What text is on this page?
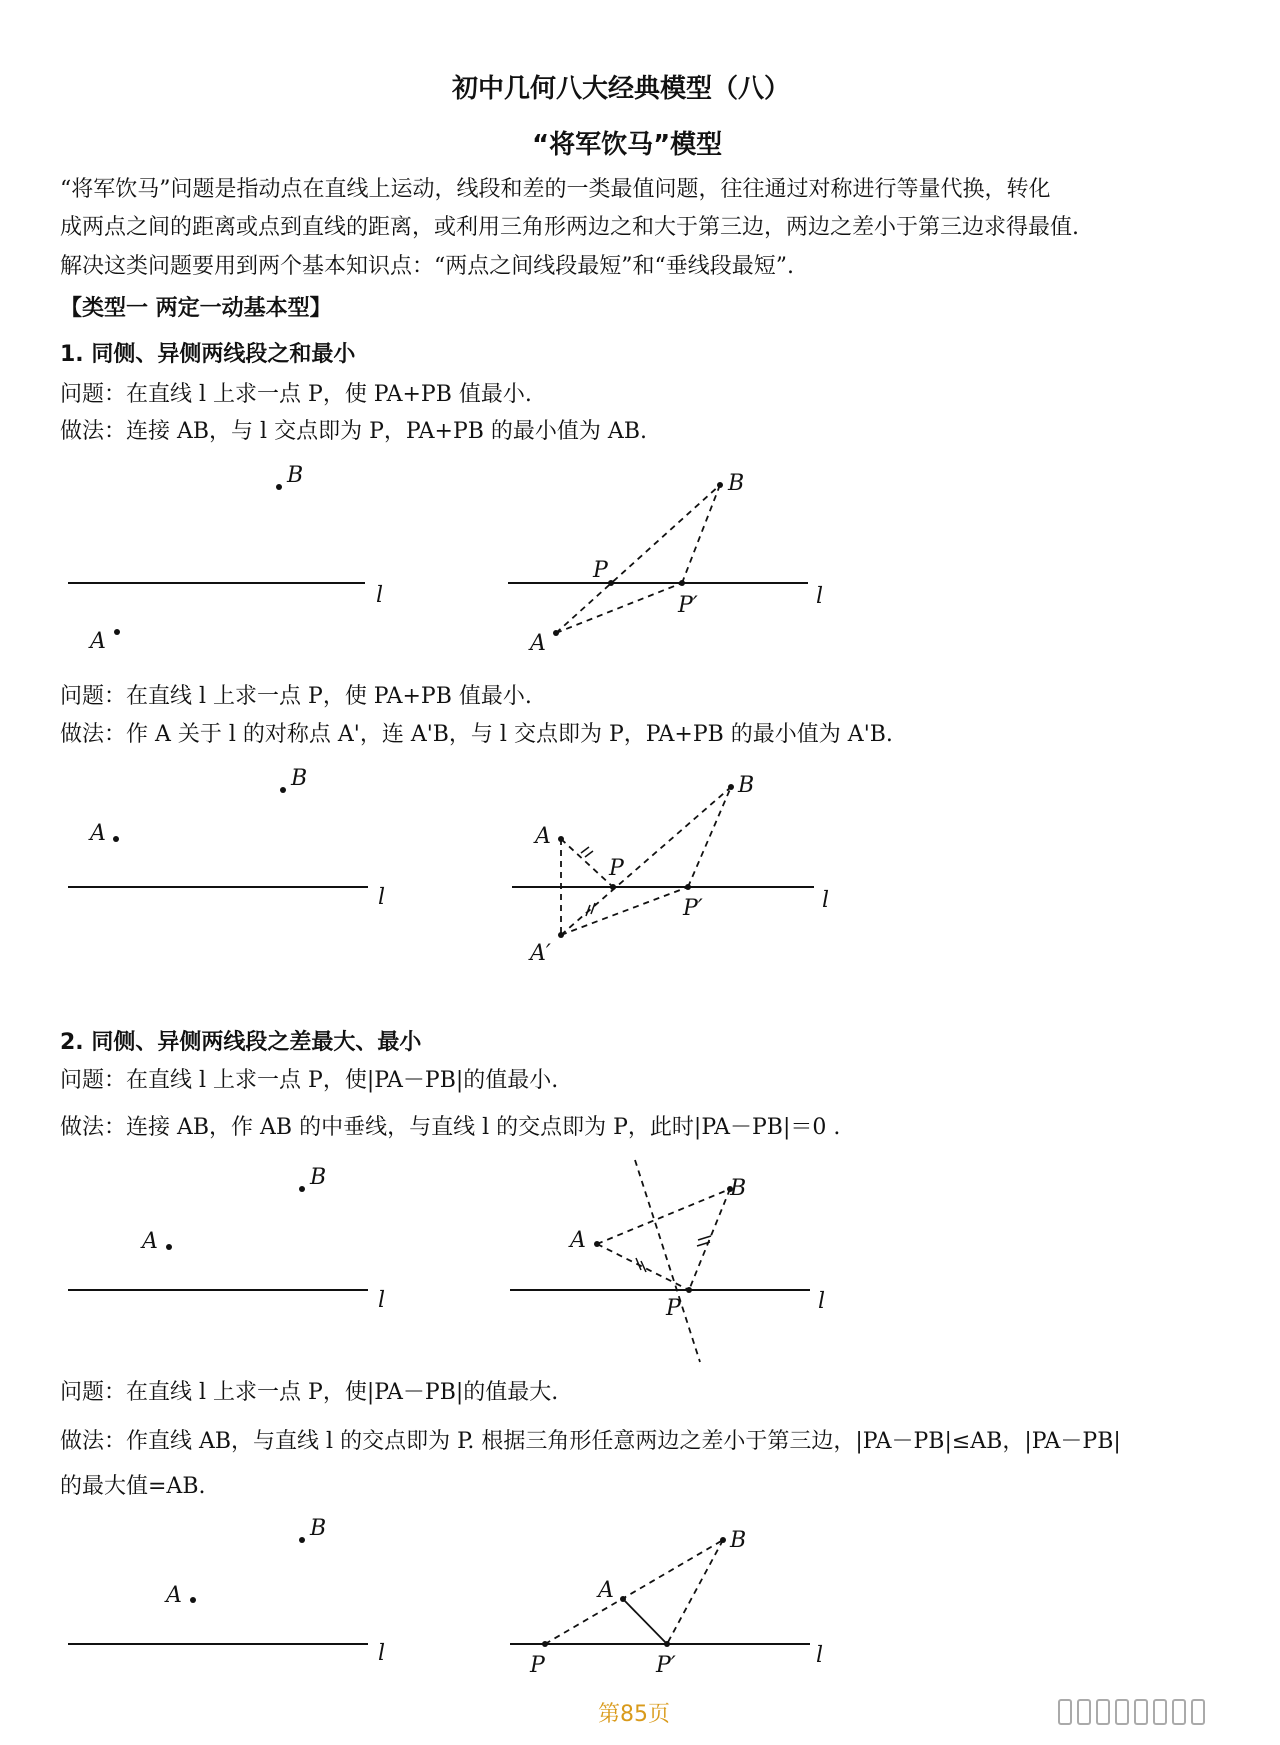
初中几何八大经典模型（八）
“将军饮马”模型
“将军饮马”问题是指动点在直线上运动，线段和差的一类最值问题，往往通过对称进行等量代换，转化
成两点之间的距离或点到直线的距离，或利用三角形两边之和大于第三边，两边之差小于第三边求得最值.
解决这类问题要用到两个基本知识点：“两点之间线段最短”和“垂线段最短”.
【类型一 两定一动基本型】
1. 同侧、异侧两线段之和最小
问题：在直线 l 上求一点 P，使 PA+PB 值最小.
做法：连接 AB，与 l 交点即为 P，PA+PB 的最小值为 AB.
B
A
l
B
P
P′
A
l
B
A
l
A
B
P
P′
A′
l
B
A
l
A
B
P	l
B
A
l
A
B
P	P′	l
问题：在直线 l 上求一点 P，使 PA+PB 值最小.
做法：作 A 关于 l 的对称点 A'，连 A'B，与 l 交点即为 P，PA+PB 的最小值为 A'B.
2. 同侧、异侧两线段之差最大、最小
问题：在直线 l 上求一点 P，使|PA－PB|的值最小.
做法：连接 AB，作 AB 的中垂线，与直线 l 的交点即为 P，此时|PA－PB|＝0 .
问题：在直线 l 上求一点 P，使|PA－PB|的值最大.
做法：作直线 AB，与直线 l 的交点即为 P. 根据三角形任意两边之差小于第三边，|PA－PB|≤AB，|PA－PB|
的最大值=AB.
第85页
